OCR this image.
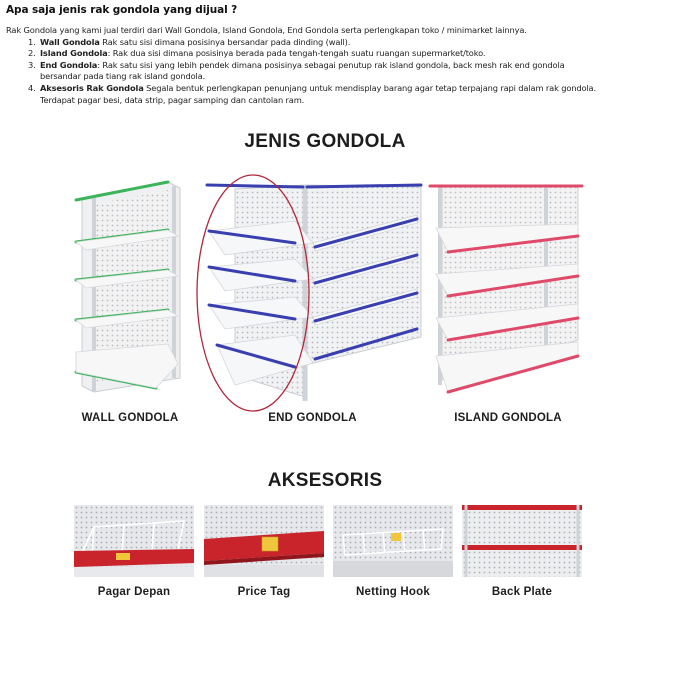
Apa saja jenis rak gondola yang dijual ?
Rak Gondola yang kami jual terdiri dari Wall Gondola, Island Gondola, End Gondola serta perlengkapan toko / minimarket lainnya.
1. Wall Gondola Rak satu sisi dimana posisinya bersandar pada dinding (wall).
2. Island Gondola: Rak dua sisi dimana posisinya berada pada tengah-tengah suatu ruangan supermarket/toko.
3. End Gondola: Rak satu sisi yang lebih pendek dimana posisinya sebagai penutup rak island gondola, back mesh rak end gondola
bersandar pada tiang rak island gondola.
4. Aksesoris Rak Gondola Segala bentuk perlengkapan penunjang untuk mendisplay barang agar tetap terpajang rapi dalam rak gondola.
Terdapat pagar besi, data strip, pagar samping dan cantolan ram.
JENIS GONDOLA
WALL GONDOLA	END GONDOLA	ISLAND GONDOLA
AKSESORIS
Pagar Depan	Price Tag	Netting Hook	Back Plate
